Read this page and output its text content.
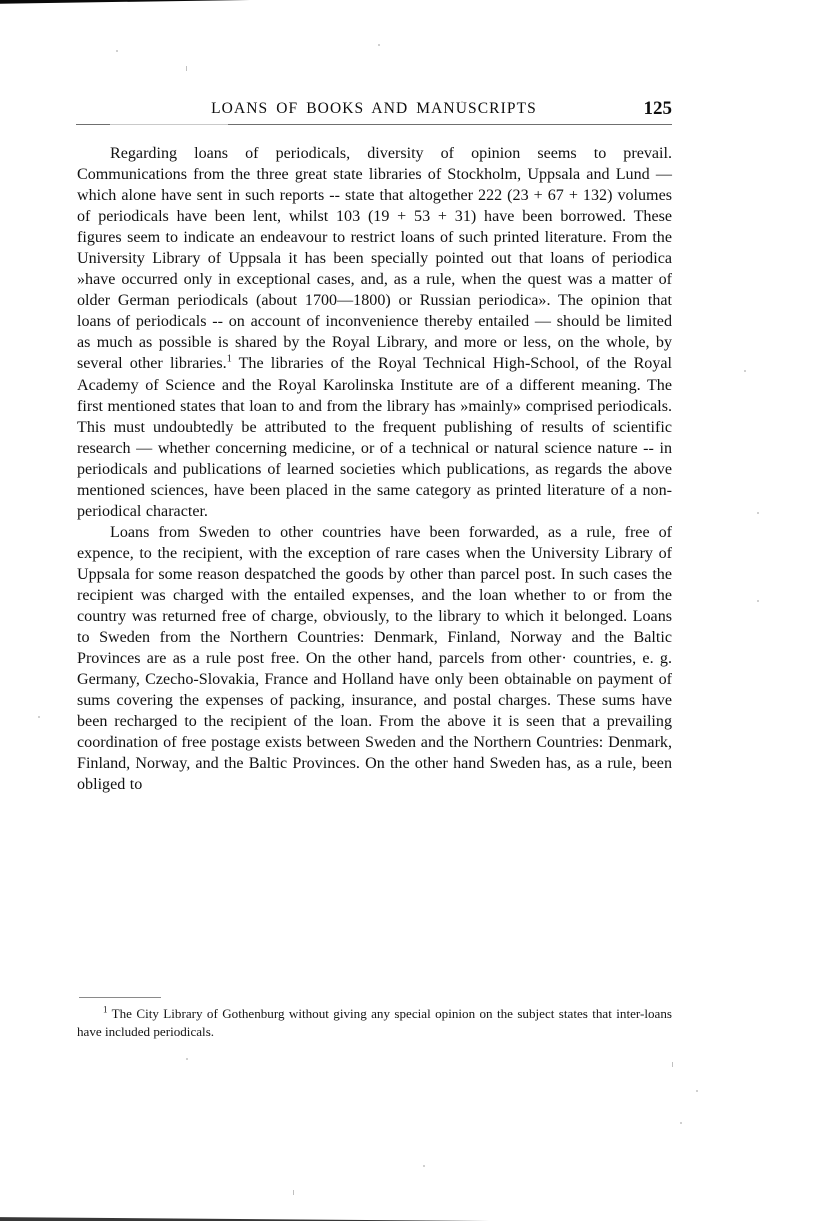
LOANS OF BOOKS AND MANUSCRIPTS	125

Regarding loans of periodicals, diversity of opinion seems to prevail. Communications from the three great state libraries of Stockholm, Uppsala and Lund — which alone have sent in such reports -- state that altogether 222 (23 + 67 + 132) volumes of periodicals have been lent, whilst 103 (19 + 53 + 31) have been borrowed. These figures seem to indicate an endeavour to restrict loans of such printed literature. From the University Library of Uppsala it has been specially pointed out that loans of periodica »have occurred only in exceptional cases, and, as a rule, when the quest was a matter of older German periodicals (about 1700—1800) or Russian periodica». The opinion that loans of periodicals -- on account of inconvenience thereby entailed — should be limited as much as possible is shared by the Royal Library, and more or less, on the whole, by several other libraries.$^1$ The libraries of the Royal Technical High-School, of the Royal Academy of Science and the Royal Karolinska Institute are of a different meaning. The first mentioned states that loan to and from the library has »mainly» comprised periodicals. This must undoubtedly be attributed to the frequent publishing of results of scientific research — whether concerning medicine, or of a technical or natural science nature -- in periodicals and publications of learned societies which publications, as regards the above mentioned sciences, have been placed in the same category as printed literature of a non-periodical character.

Loans from Sweden to other countries have been forwarded, as a rule, free of expence, to the recipient, with the exception of rare cases when the University Library of Uppsala for some reason despatched the goods by other than parcel post. In such cases the recipient was charged with the entailed expenses, and the loan whether to or from the country was returned free of charge, obviously, to the library to which it belonged. Loans to Sweden from the Northern Countries: Denmark, Finland, Norway and the Baltic Provinces are as a rule post free. On the other hand, parcels from other· countries, e. g. Germany, Czecho-Slovakia, France and Holland have only been obtainable on payment of sums covering the expenses of packing, insurance, and postal charges. These sums have been recharged to the recipient of the loan. From the above it is seen that a prevailing coordination of free postage exists between Sweden and the Northern Countries: Denmark, Finland, Norway, and the Baltic Provinces. On the other hand Sweden has, as a rule, been obliged to

$^1$ The City Library of Gothenburg without giving any special opinion on the subject states that inter-loans have included periodicals.
